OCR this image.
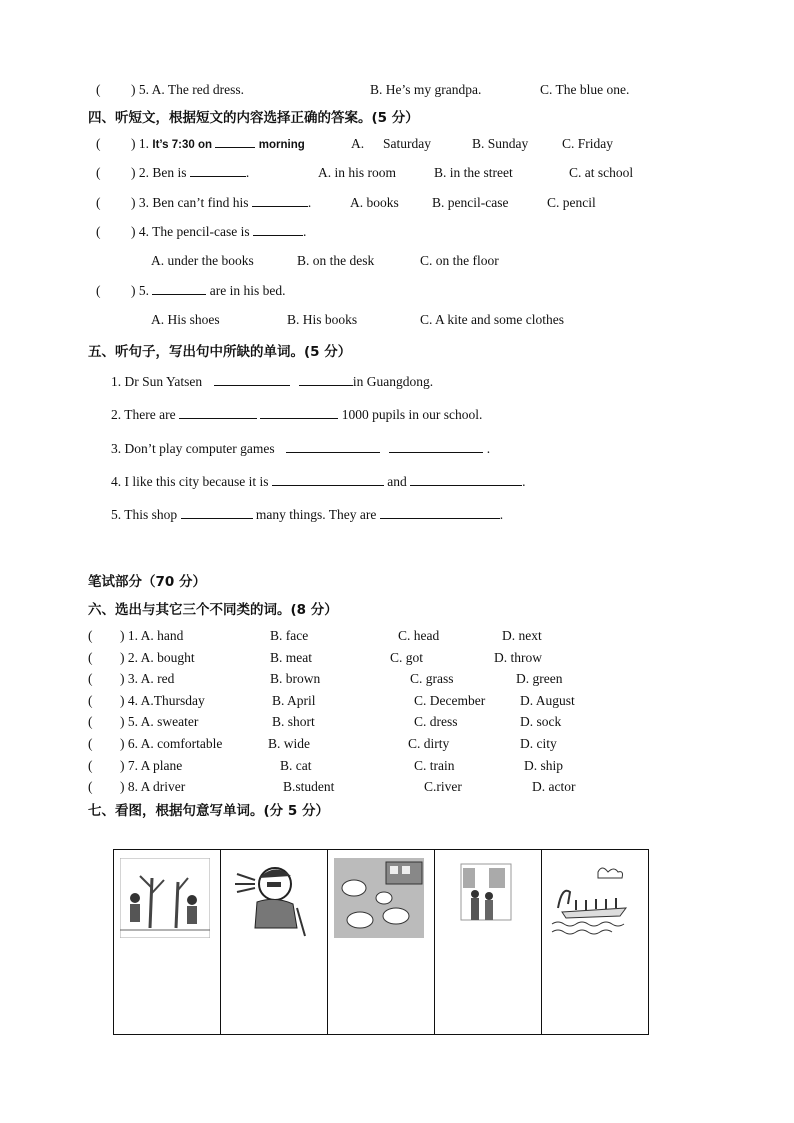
( ) 5. A. The red dress.	B. He’s my grandpa.	C. The blue one.
四、听短文，根据短文的内容选择正确的答案。(5 分）
( ) 1. It’s 7:30 on	morning	A. Saturday	B. Sunday C. Friday
( ) 2. Ben is	.	A. in his room	B. in the street	C. at school
( ) 3. Ben can’t find his	.	A. books B. pencil-case	C. pencil
( ) 4. The pencil-case is	.
A. under the books	B. on the desk	C. on the floor
( ) 5.	are in his bed.
A. His shoes	B. His books	C. A kite and some clothes
五、听句子，写出句中所缺的单词。(5 分）
1. Dr Sun Yatsen	in Guangdong.
2. There are	1000 pupils in our school.
3. Don’t play computer games	.
4. I like this city because it is	and	.
5. This shop	many things. They are	.
笔试部分（70 分）
六、选出与其它三个不同类的词。(8 分）
( ) 1. A. hand	B. face	C. head	D. next
( ) 2. A. bought	B. meat	C. got	D. throw
( ) 3. A. red	B. brown	C. grass	D. green
( ) 4. A.Thursday	B. April	C. December	D. August
( ) 5. A. sweater	B. short	C. dress	D. sock
( ) 6. A. comfortable	B. wide	C. dirty	D. city
( ) 7. A plane	B. cat	C. train	D. ship
( ) 8. A driver	B.student	C.river	D. actor
七、看图，根据句意写单词。(分 5 分）
